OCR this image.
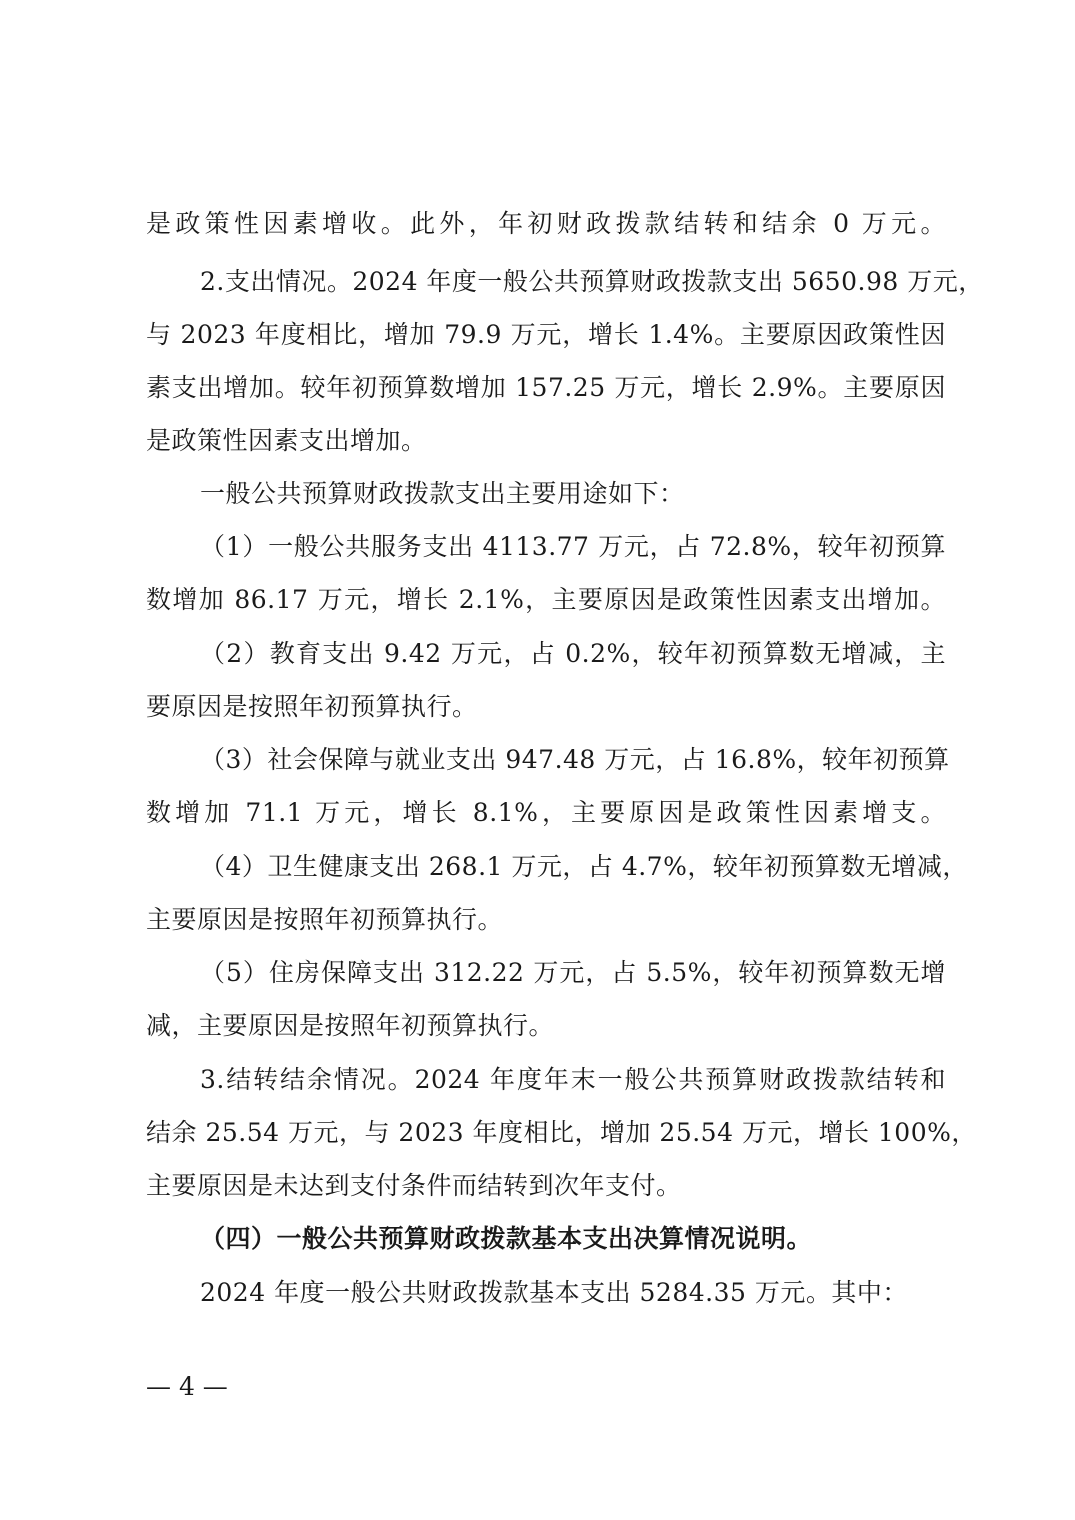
是政策性因素增收。此外，年初财政拨款结转和结余 0 万元。
2.支出情况。2024 年度一般公共预算财政拨款支出 5650.98 万元，
与 2023 年度相比，增加 79.9 万元，增长 1.4%。主要原因政策性因
素支出增加。较年初预算数增加 157.25 万元，增长 2.9%。主要原因
是政策性因素支出增加。
一般公共预算财政拨款支出主要用途如下：
（1）一般公共服务支出 4113.77 万元，占 72.8%，较年初预算
数增加 86.17 万元，增长 2.1%，主要原因是政策性因素支出增加。
（2）教育支出 9.42 万元，占 0.2%，较年初预算数无增减，主
要原因是按照年初预算执行。
（3）社会保障与就业支出 947.48 万元，占 16.8%，较年初预算
数增加 71.1 万元，增长 8.1%，主要原因是政策性因素增支。
（4）卫生健康支出 268.1 万元，占 4.7%，较年初预算数无增减，
主要原因是按照年初预算执行。
（5）住房保障支出 312.22 万元，占 5.5%，较年初预算数无增
减，主要原因是按照年初预算执行。
3.结转结余情况。2024 年度年末一般公共预算财政拨款结转和
结余 25.54 万元，与 2023 年度相比，增加 25.54 万元，增长 100%，
主要原因是未达到支付条件而结转到次年支付。
（四）一般公共预算财政拨款基本支出决算情况说明。
2024 年度一般公共财政拨款基本支出 5284.35 万元。其中：
— 4 —
